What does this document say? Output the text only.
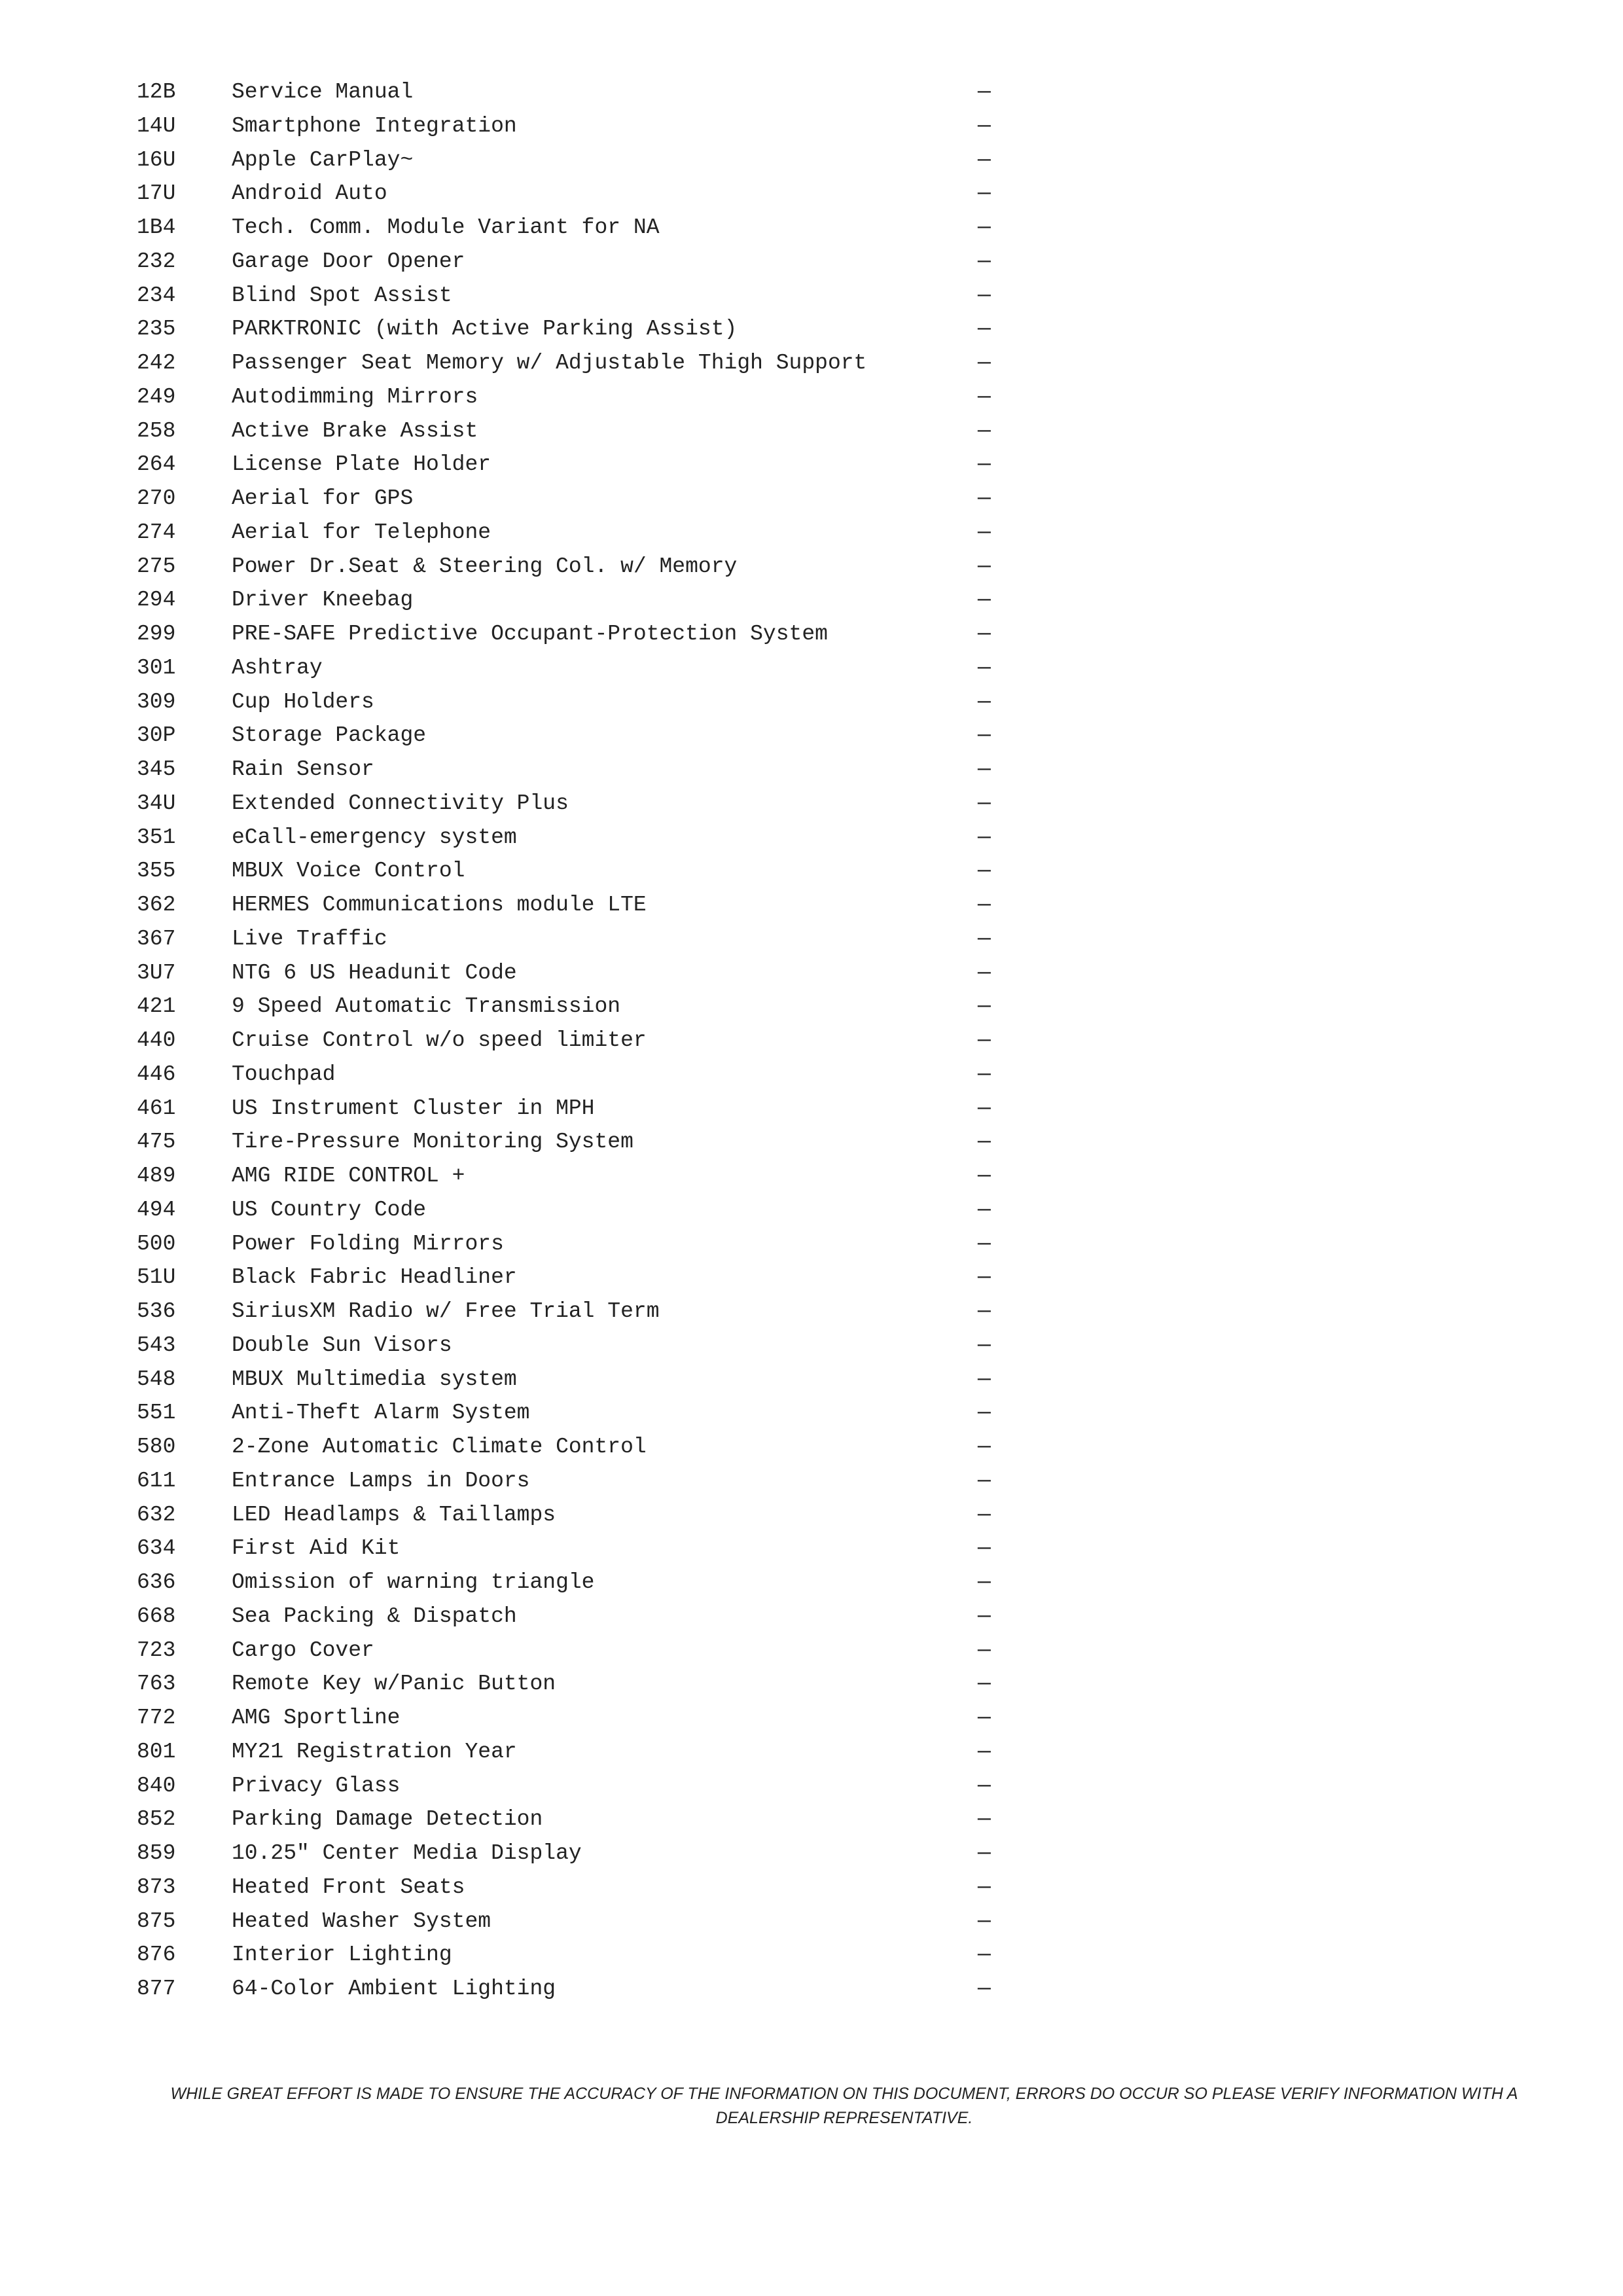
12B	Service Manual	—
14U	Smartphone Integration	—
16U	Apple CarPlay~	—
17U	Android Auto	—
1B4	Tech. Comm. Module Variant for NA	—
232	Garage Door Opener	—
234	Blind Spot Assist	—
235	PARKTRONIC (with Active Parking Assist)	—
242	Passenger Seat Memory w/ Adjustable Thigh Support	—
249	Autodimming Mirrors	—
258	Active Brake Assist	—
264	License Plate Holder	—
270	Aerial for GPS	—
274	Aerial for Telephone	—
275	Power Dr.Seat & Steering Col. w/ Memory	—
294	Driver Kneebag	—
299	PRE-SAFE Predictive Occupant-Protection System	—
301	Ashtray	—
309	Cup Holders	—
30P	Storage Package	—
345	Rain Sensor	—
34U	Extended Connectivity Plus	—
351	eCall-emergency system	—
355	MBUX Voice Control	—
362	HERMES Communications module LTE	—
367	Live Traffic	—
3U7	NTG 6 US Headunit Code	—
421	9 Speed Automatic Transmission	—
440	Cruise Control w/o speed limiter	—
446	Touchpad	—
461	US Instrument Cluster in MPH	—
475	Tire-Pressure Monitoring System	—
489	AMG RIDE CONTROL +	—
494	US Country Code	—
500	Power Folding Mirrors	—
51U	Black Fabric Headliner	—
536	SiriusXM Radio w/ Free Trial Term	—
543	Double Sun Visors	—
548	MBUX Multimedia system	—
551	Anti-Theft Alarm System	—
580	2-Zone Automatic Climate Control	—
611	Entrance Lamps in Doors	—
632	LED Headlamps & Taillamps	—
634	First Aid Kit	—
636	Omission of warning triangle	—
668	Sea Packing & Dispatch	—
723	Cargo Cover	—
763	Remote Key w/Panic Button	—
772	AMG Sportline	—
801	MY21 Registration Year	—
840	Privacy Glass	—
852	Parking Damage Detection	—
859	10.25" Center Media Display	—
873	Heated Front Seats	—
875	Heated Washer System	—
876	Interior Lighting	—
877	64-Color Ambient Lighting	—
WHILE GREAT EFFORT IS MADE TO ENSURE THE ACCURACY OF THE INFORMATION ON THIS DOCUMENT, ERRORS DO OCCUR SO PLEASE VERIFY INFORMATION WITH A
DEALERSHIP REPRESENTATIVE.
